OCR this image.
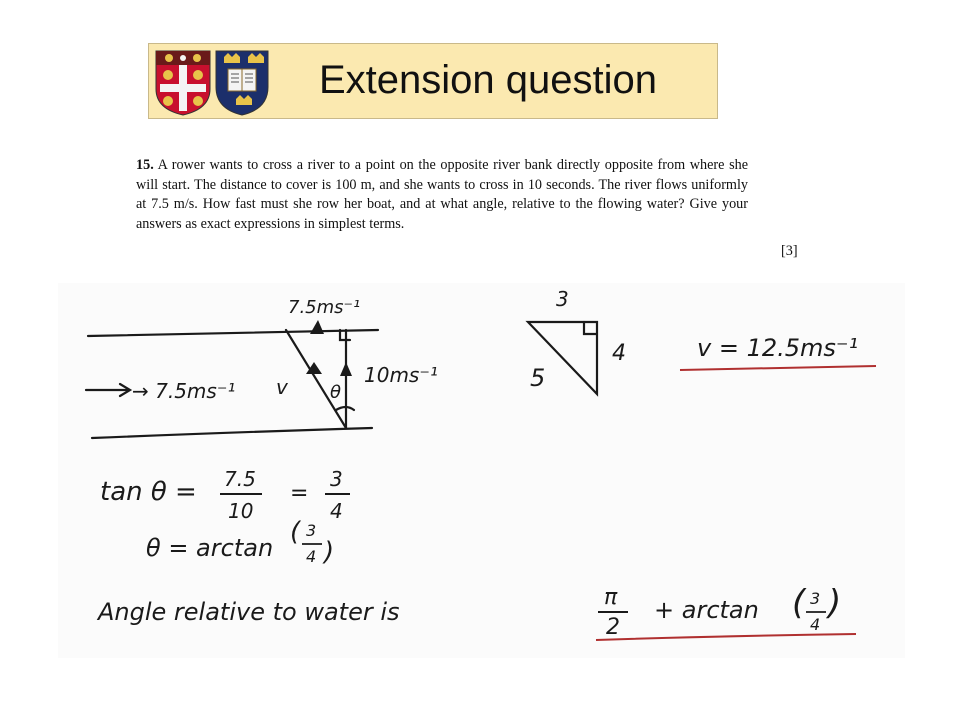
Extension question
15. A rower wants to cross a river to a point on the opposite river bank directly opposite from where she will start. The distance to cover is 100 m, and she wants to cross in 10 seconds. The river flows uniformly at 7.5 m/s. How fast must she row her boat, and at what angle, relative to the flowing water? Give your answers as exact expressions in simplest terms.
[3]
7.5ms⁻¹
→ 7.5ms⁻¹ v θ
10ms⁻¹
3
4
5
v = 12.5ms⁻¹
tan θ = 7.5
10
=
3
4
θ = arctan
( 3
4 )
Angle relative to water is
π
2
+ arctan ( 3
4
)
